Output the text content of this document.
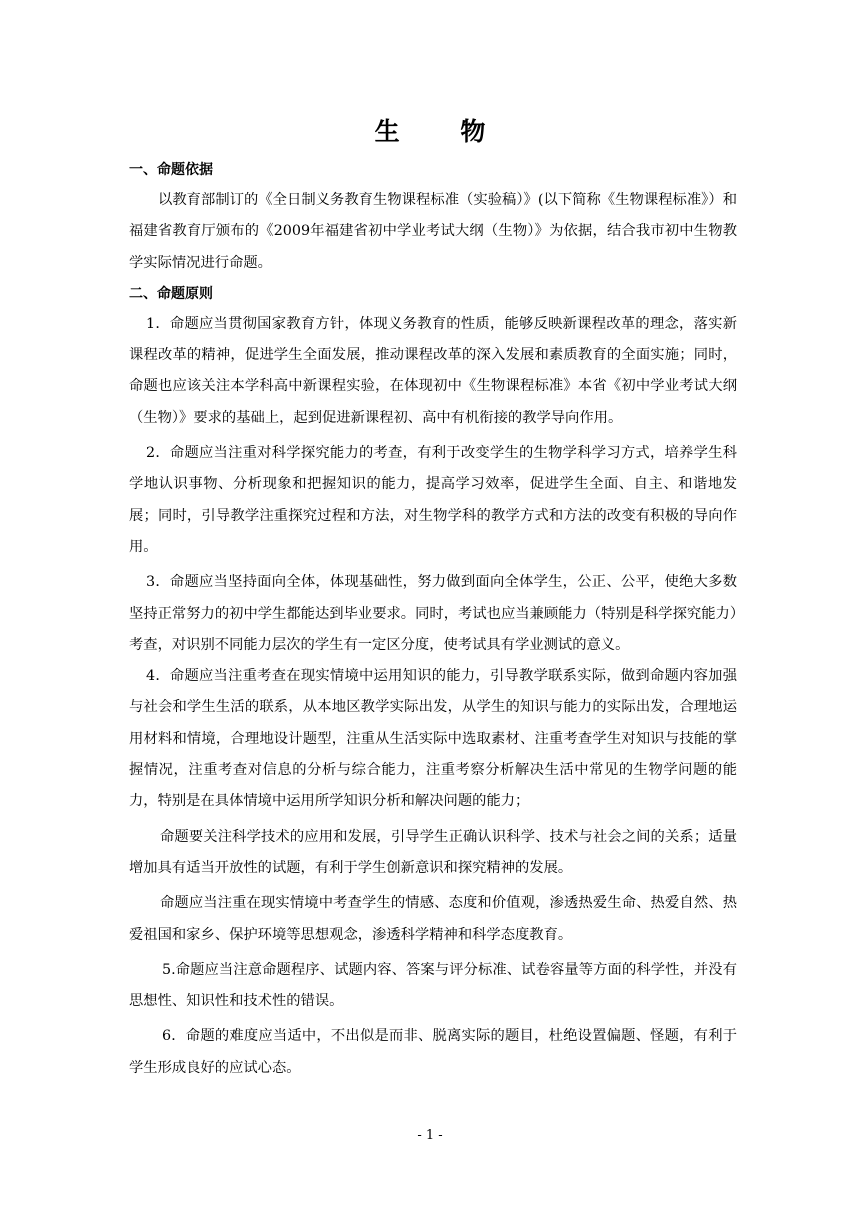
生 物
一、命题依据

以教育部制订的《全日制义务教育生物课程标准（实验稿）》(以下简称《生物课程标准》）和福建省教育厅颁布的《2009年福建省初中学业考试大纲（生物）》为依据，结合我市初中生物教学实际情况进行命题。

二、命题原则

1．命题应当贯彻国家教育方针，体现义务教育的性质，能够反映新课程改革的理念，落实新课程改革的精神，促进学生全面发展，推动课程改革的深入发展和素质教育的全面实施；同时，命题也应该关注本学科高中新课程实验，在体现初中《生物课程标准》本省《初中学业考试大纲（生物）》要求的基础上，起到促进新课程初、高中有机衔接的教学导向作用。

2．命题应当注重对科学探究能力的考查，有利于改变学生的生物学科学习方式，培养学生科学地认识事物、分析现象和把握知识的能力，提高学习效率，促进学生全面、自主、和谐地发展；同时，引导教学注重探究过程和方法，对生物学科的教学方式和方法的改变有积极的导向作用。

3．命题应当坚持面向全体，体现基础性，努力做到面向全体学生，公正、公平，使绝大多数坚持正常努力的初中学生都能达到毕业要求。同时，考试也应当兼顾能力（特别是科学探究能力）考查，对识别不同能力层次的学生有一定区分度，使考试具有学业测试的意义。

4．命题应当注重考查在现实情境中运用知识的能力，引导教学联系实际，做到命题内容加强与社会和学生生活的联系，从本地区教学实际出发，从学生的知识与能力的实际出发，合理地运用材料和情境，合理地设计题型，注重从生活实际中选取素材、注重考查学生对知识与技能的掌握情况，注重考查对信息的分析与综合能力，注重考察分析解决生活中常见的生物学问题的能力，特别是在具体情境中运用所学知识分析和解决问题的能力；

命题要关注科学技术的应用和发展，引导学生正确认识科学、技术与社会之间的关系；适量增加具有适当开放性的试题，有利于学生创新意识和探究精神的发展。

命题应当注重在现实情境中考查学生的情感、态度和价值观，渗透热爱生命、热爱自然、热爱祖国和家乡、保护环境等思想观念，渗透科学精神和科学态度教育。

5.命题应当注意命题程序、试题内容、答案与评分标准、试卷容量等方面的科学性，并没有思想性、知识性和技术性的错误。

6．命题的难度应当适中，不出似是而非、脱离实际的题目，杜绝设置偏题、怪题，有利于学生形成良好的应试心态。

- 1 -
